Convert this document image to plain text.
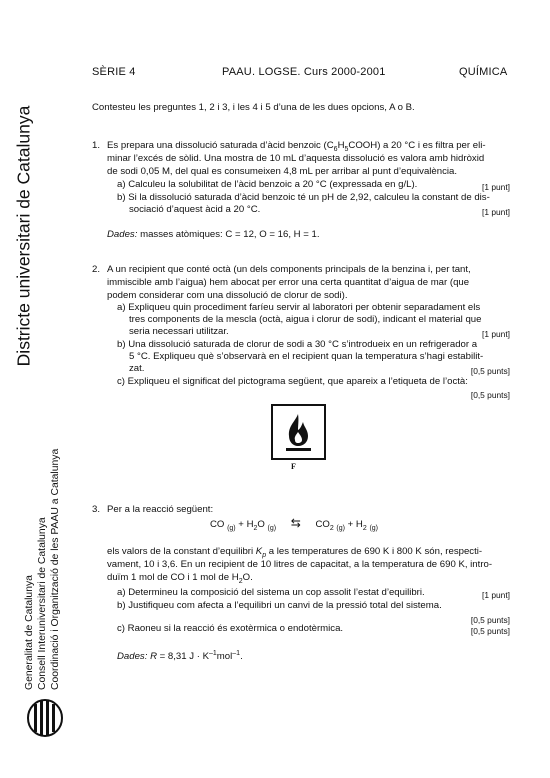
SÈRIE 4	PAAU. LOGSE. Curs 2000-2001	QUÍMICA
Districte universitari de Catalunya
Generalitat de Catalunya Consell Interuniversitari de Catalunya Coordinació i Organització de les PAAU a Catalunya
Contesteu les preguntes 1, 2 i 3, i les 4 i 5 d’una de les dues opcions, A o B.
1. Es prepara una dissolució saturada d’àcid benzoic $(C_6H_5COOH)$ a 20 °C i es filtra per eli-
minar l’excés de sòlid. Una mostra de 10 mL d’aquesta dissolució es valora amb hidròxid
de sodi 0,05 M, del qual es consumeixen 4,8 mL per arribar al punt d’equivalència.
a) Calculeu la solubilitat de l’àcid benzoic a 20 °C (expressada en g/L).	[1 punt]
b) Si la dissolució saturada d’àcid benzoic té un pH de 2,92, calculeu la constant de dis-
sociació d’aquest àcid a 20 °C.	[1 punt]
Dades: masses atòmiques: C = 12, O = 16, H = 1.
2. A un recipient que conté octà (un dels components principals de la benzina i, per tant,
immiscible amb l’aigua) hem abocat per error una certa quantitat d’aigua de mar (que
podem considerar com una dissolució de clorur de sodi).
a) Expliqueu quin procediment faríeu servir al laboratori per obtenir separadament els
tres components de la mescla (octà, aigua i clorur de sodi), indicant el material que
seria necessari utilitzar.	[1 punt]
b) Una dissolució saturada de clorur de sodi a 30 °C s’introdueix en un refrigerador a
5 °C. Expliqueu què s’observarà en el recipient quan la temperatura s’hagi estabilit-
zat.	[0,5 punts]
c) Expliqueu el significat del pictograma següent, que apareix a l’etiqueta de l’octà:
[0,5 punts]
F
3. Per a la reacció següent:
CO $_{(g)} + H_2O$ $_{(g)}$ ⇆ $CO_2$ $_{(g)} + H_2$ $_{(g)}$
els valors de la constant d’equilibri $K_p$ a les temperatures de 690 K i 800 K són, respecti-
vament, 10 i 3,6. En un recipient de 10 litres de capacitat, a la temperatura de 690 K, intro-
duïm 1 mol de CO i 1 mol de $H_2O$.
a) Determineu la composició del sistema un cop assolit l’estat d’equilibri.	[1 punt]
b) Justifiqueu com afecta a l’equilibri un canvi de la pressió total del sistema.
[0,5 punts]
c) Raoneu si la reacció és exotèrmica o endotèrmica.	[0,5 punts]
Dades: R = 8,31 $J \cdot K^{-1}mol^{-1}$.
